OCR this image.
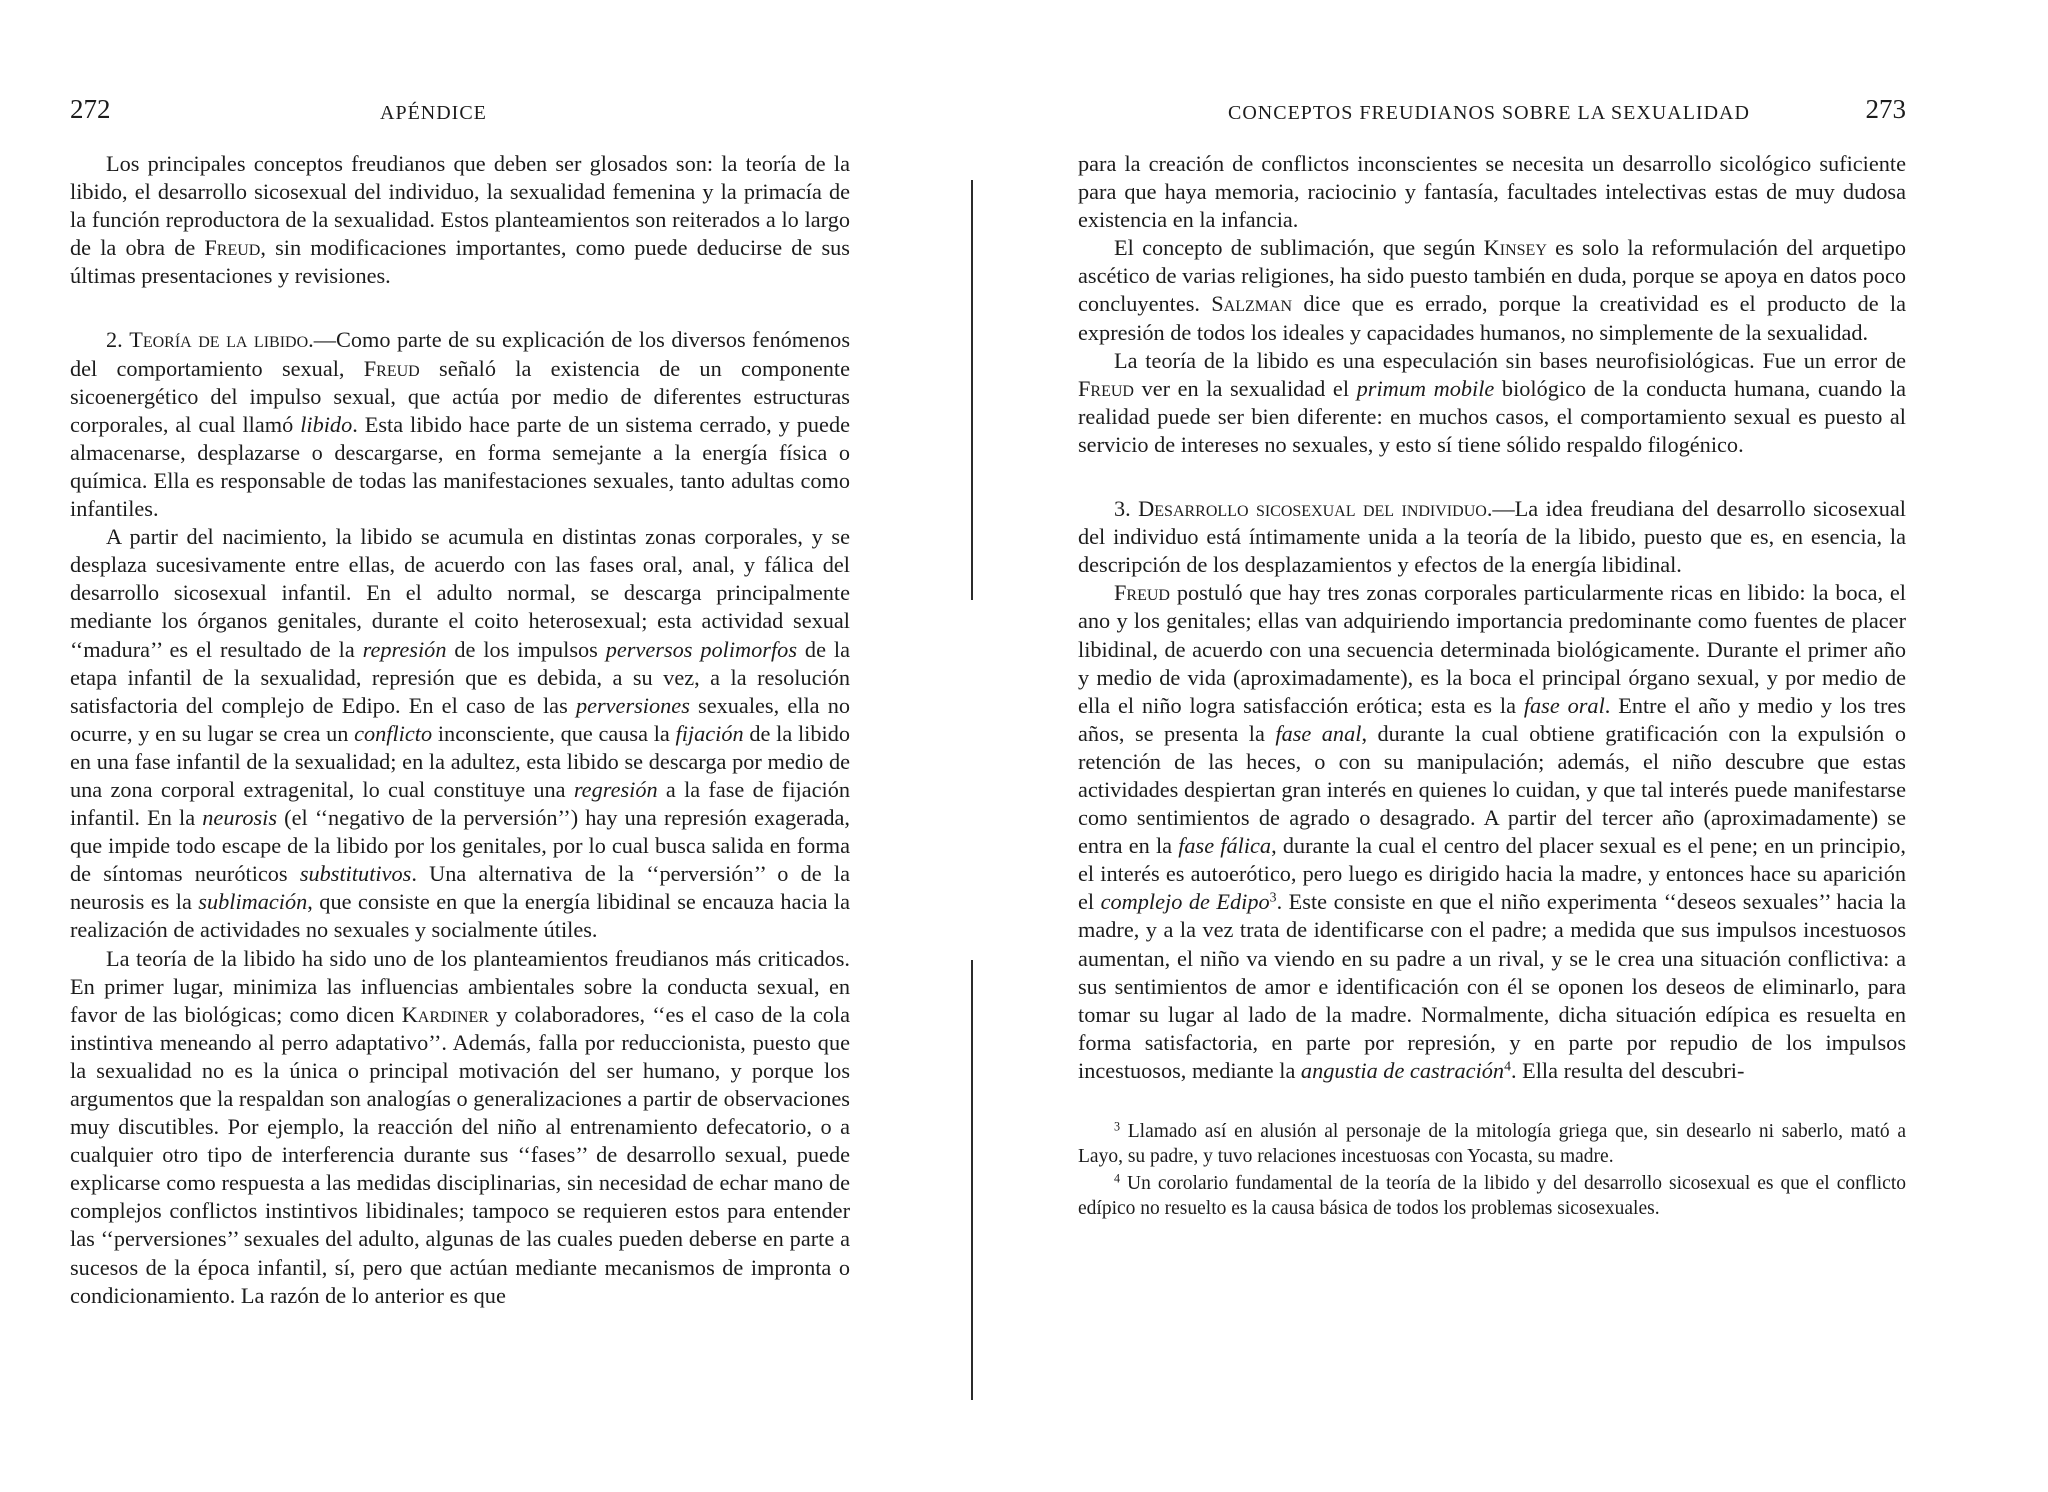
272	APÉNDICE

Los principales conceptos freudianos que deben ser glosados son: la teoría de la libido, el desarrollo sicosexual del individuo, la sexualidad femenina y la primacía de la función reproductora de la sexualidad. Estos planteamientos son reiterados a lo largo de la obra de Freud, sin modificaciones importantes, como puede deducirse de sus últimas presentaciones y revisiones.

2. Teoría de la libido.—Como parte de su explicación de los diversos fenómenos del comportamiento sexual, Freud señaló la existencia de un componente sicoenergético del impulso sexual, que actúa por medio de diferentes estructuras corporales, al cual llamó libido. Esta libido hace parte de un sistema cerrado, y puede almacenarse, desplazarse o descargarse, en forma semejante a la energía física o química. Ella es responsable de todas las manifestaciones sexuales, tanto adultas como infantiles.

A partir del nacimiento, la libido se acumula en distintas zonas corporales, y se desplaza sucesivamente entre ellas, de acuerdo con las fases oral, anal, y fálica del desarrollo sicosexual infantil. En el adulto normal, se descarga principalmente mediante los órganos genitales, durante el coito heterosexual; esta actividad sexual ‘‘madura’’ es el resultado de la represión de los impulsos perversos polimorfos de la etapa infantil de la sexualidad, represión que es debida, a su vez, a la resolución satisfactoria del complejo de Edipo. En el caso de las perversiones sexuales, ella no ocurre, y en su lugar se crea un conflicto inconsciente, que causa la fijación de la libido en una fase infantil de la sexualidad; en la adultez, esta libido se descarga por medio de una zona corporal extragenital, lo cual constituye una regresión a la fase de fijación infantil. En la neurosis (el ‘‘negativo de la perversión’’) hay una represión exagerada, que impide todo escape de la libido por los genitales, por lo cual busca salida en forma de síntomas neuróticos substitutivos. Una alternativa de la ‘‘perversión’’ o de la neurosis es la sublimación, que consiste en que la energía libidinal se encauza hacia la realización de actividades no sexuales y socialmente útiles.

La teoría de la libido ha sido uno de los planteamientos freudianos más criticados. En primer lugar, minimiza las influencias ambientales sobre la conducta sexual, en favor de las biológicas; como dicen Kardiner y colaboradores, ‘‘es el caso de la cola instintiva meneando al perro adaptativo’’. Además, falla por reduccionista, puesto que la sexualidad no es la única o principal motivación del ser humano, y porque los argumentos que la respaldan son analogías o generalizaciones a partir de observaciones muy discutibles. Por ejemplo, la reacción del niño al entrenamiento defecatorio, o a cualquier otro tipo de interferencia durante sus ‘‘fases’’ de desarrollo sexual, puede explicarse como respuesta a las medidas disciplinarias, sin necesidad de echar mano de complejos conflictos instintivos libidinales; tampoco se requieren estos para entender las ‘‘perversiones’’ sexuales del adulto, algunas de las cuales pueden deberse en parte a sucesos de la época infantil, sí, pero que actúan mediante mecanismos de impronta o condicionamiento. La razón de lo anterior es que

CONCEPTOS FREUDIANOS SOBRE LA SEXUALIDAD	273

para la creación de conflictos inconscientes se necesita un desarrollo sicológico suficiente para que haya memoria, raciocinio y fantasía, facultades intelectivas estas de muy dudosa existencia en la infancia.

El concepto de sublimación, que según Kinsey es solo la reformulación del arquetipo ascético de varias religiones, ha sido puesto también en duda, porque se apoya en datos poco concluyentes. Salzman dice que es errado, porque la creatividad es el producto de la expresión de todos los ideales y capacidades humanos, no simplemente de la sexualidad.

La teoría de la libido es una especulación sin bases neurofisiológicas. Fue un error de Freud ver en la sexualidad el primum mobile biológico de la conducta humana, cuando la realidad puede ser bien diferente: en muchos casos, el comportamiento sexual es puesto al servicio de intereses no sexuales, y esto sí tiene sólido respaldo filogénico.

3. Desarrollo sicosexual del individuo.—La idea freudiana del desarrollo sicosexual del individuo está íntimamente unida a la teoría de la libido, puesto que es, en esencia, la descripción de los desplazamientos y efectos de la energía libidinal.

Freud postuló que hay tres zonas corporales particularmente ricas en libido: la boca, el ano y los genitales; ellas van adquiriendo importancia predominante como fuentes de placer libidinal, de acuerdo con una secuencia determinada biológicamente. Durante el primer año y medio de vida (aproximadamente), es la boca el principal órgano sexual, y por medio de ella el niño logra satisfacción erótica; esta es la fase oral. Entre el año y medio y los tres años, se presenta la fase anal, durante la cual obtiene gratificación con la expulsión o retención de las heces, o con su manipulación; además, el niño descubre que estas actividades despiertan gran interés en quienes lo cuidan, y que tal interés puede manifestarse como sentimientos de agrado o desagrado. A partir del tercer año (aproximadamente) se entra en la fase fálica, durante la cual el centro del placer sexual es el pene; en un principio, el interés es autoerótico, pero luego es dirigido hacia la madre, y entonces hace su aparición el complejo de Edipo$^3$. Este consiste en que el niño experimenta ‘‘deseos sexuales’’ hacia la madre, y a la vez trata de identificarse con el padre; a medida que sus impulsos incestuosos aumentan, el niño va viendo en su padre a un rival, y se le crea una situación conflictiva: a sus sentimientos de amor e identificación con él se oponen los deseos de eliminarlo, para tomar su lugar al lado de la madre. Normalmente, dicha situación edípica es resuelta en forma satisfactoria, en parte por represión, y en parte por repudio de los impulsos incestuosos, mediante la angustia de castración$^4$. Ella resulta del descubri-

$^3$ Llamado así en alusión al personaje de la mitología griega que, sin desearlo ni saberlo, mató a Layo, su padre, y tuvo relaciones incestuosas con Yocasta, su madre.

$^4$ Un corolario fundamental de la teoría de la libido y del desarrollo sicosexual es que el conflicto edípico no resuelto es la causa básica de todos los problemas sicosexuales.
